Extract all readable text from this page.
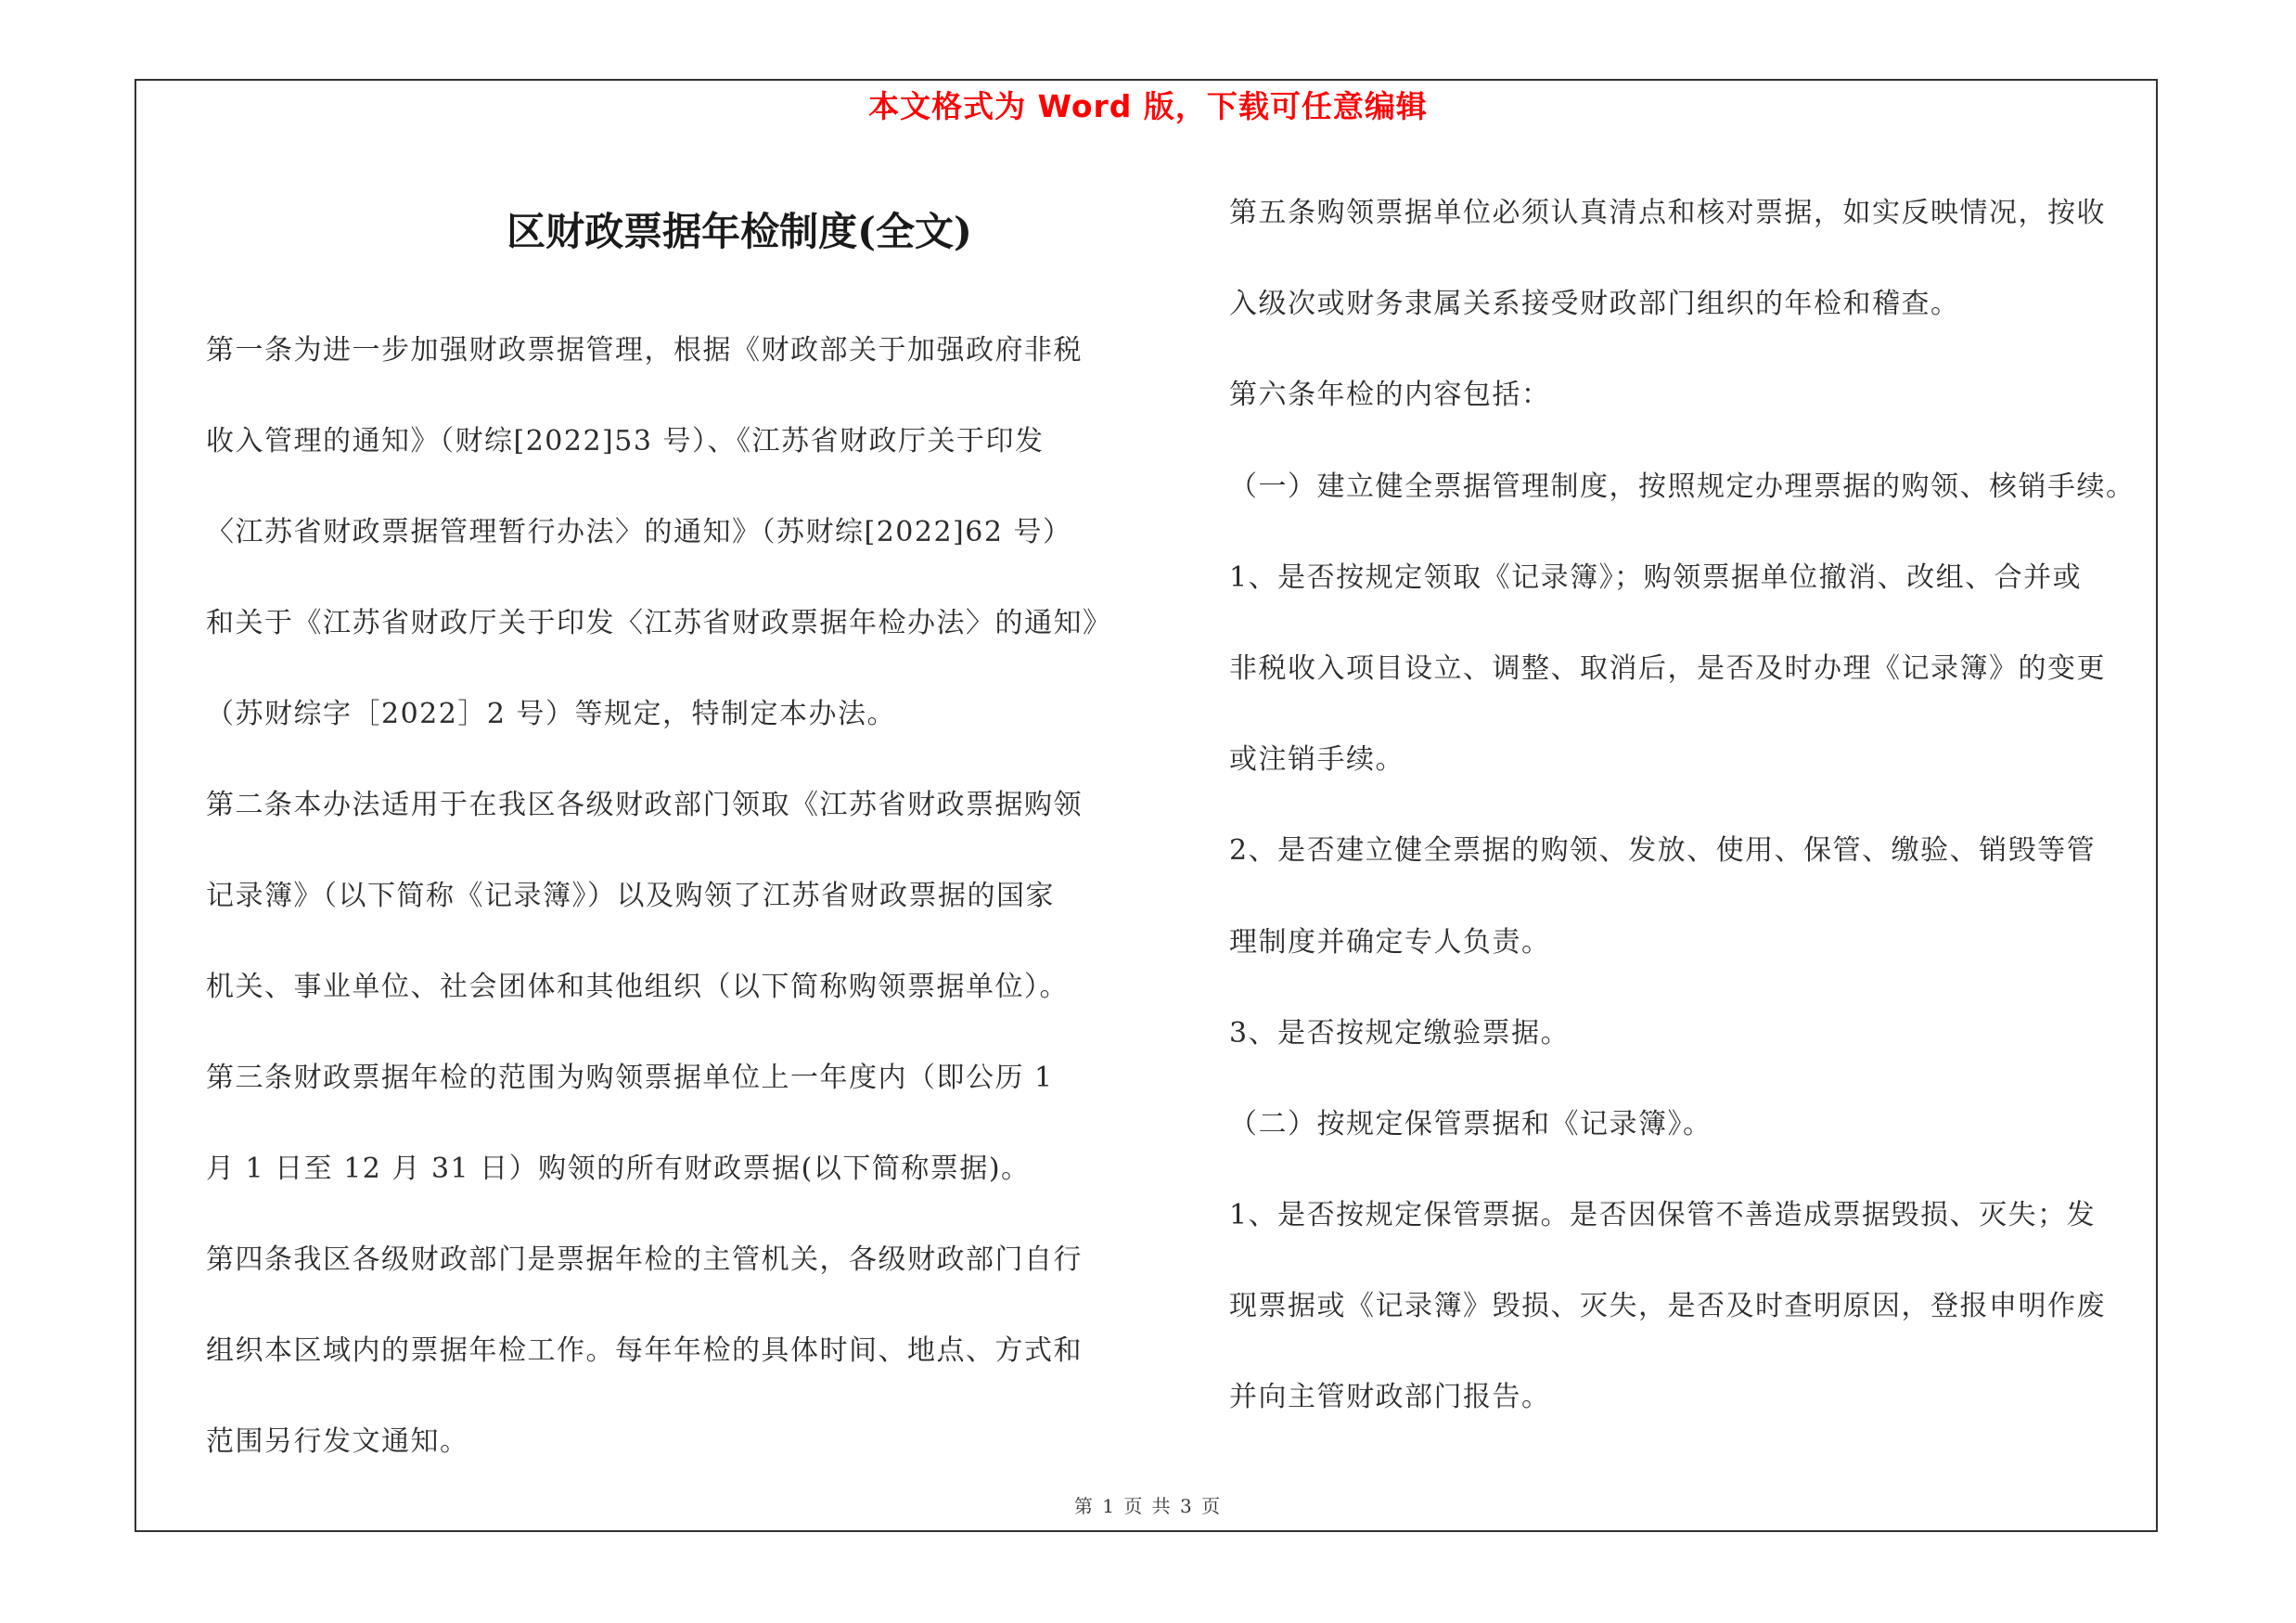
本文格式为 Word 版，下载可任意编辑
区财政票据年检制度(全文)
第一条为进一步加强财政票据管理，根据《财政部关于加强政府非税
收入管理的通知》（财综[2022]53 号）、《江苏省财政厅关于印发
〈江苏省财政票据管理暂行办法〉的通知》（苏财综[2022]62 号）
和关于《江苏省财政厅关于印发〈江苏省财政票据年检办法〉的通知》
（苏财综字［2022］2 号）等规定，特制定本办法。
第二条本办法适用于在我区各级财政部门领取《江苏省财政票据购领
记录簿》（以下简称《记录簿》）以及购领了江苏省财政票据的国家
机关、事业单位、社会团体和其他组织（以下简称购领票据单位）。
第三条财政票据年检的范围为购领票据单位上一年度内（即公历 1
月 1 日至 12 月 31 日）购领的所有财政票据(以下简称票据)。
第四条我区各级财政部门是票据年检的主管机关，各级财政部门自行
组织本区域内的票据年检工作。每年年检的具体时间、地点、方式和
范围另行发文通知。
第五条购领票据单位必须认真清点和核对票据，如实反映情况，按收
入级次或财务隶属关系接受财政部门组织的年检和稽查。
第六条年检的内容包括：
（一）建立健全票据管理制度，按照规定办理票据的购领、核销手续。
1、是否按规定领取《记录簿》；购领票据单位撤消、改组、合并或
非税收入项目设立、调整、取消后，是否及时办理《记录簿》的变更
或注销手续。
2、是否建立健全票据的购领、发放、使用、保管、缴验、销毁等管
理制度并确定专人负责。
3、是否按规定缴验票据。
（二）按规定保管票据和《记录簿》。
1、是否按规定保管票据。是否因保管不善造成票据毁损、灭失；发
现票据或《记录簿》毁损、灭失，是否及时查明原因，登报申明作废
并向主管财政部门报告。
第 1 页 共 3 页
